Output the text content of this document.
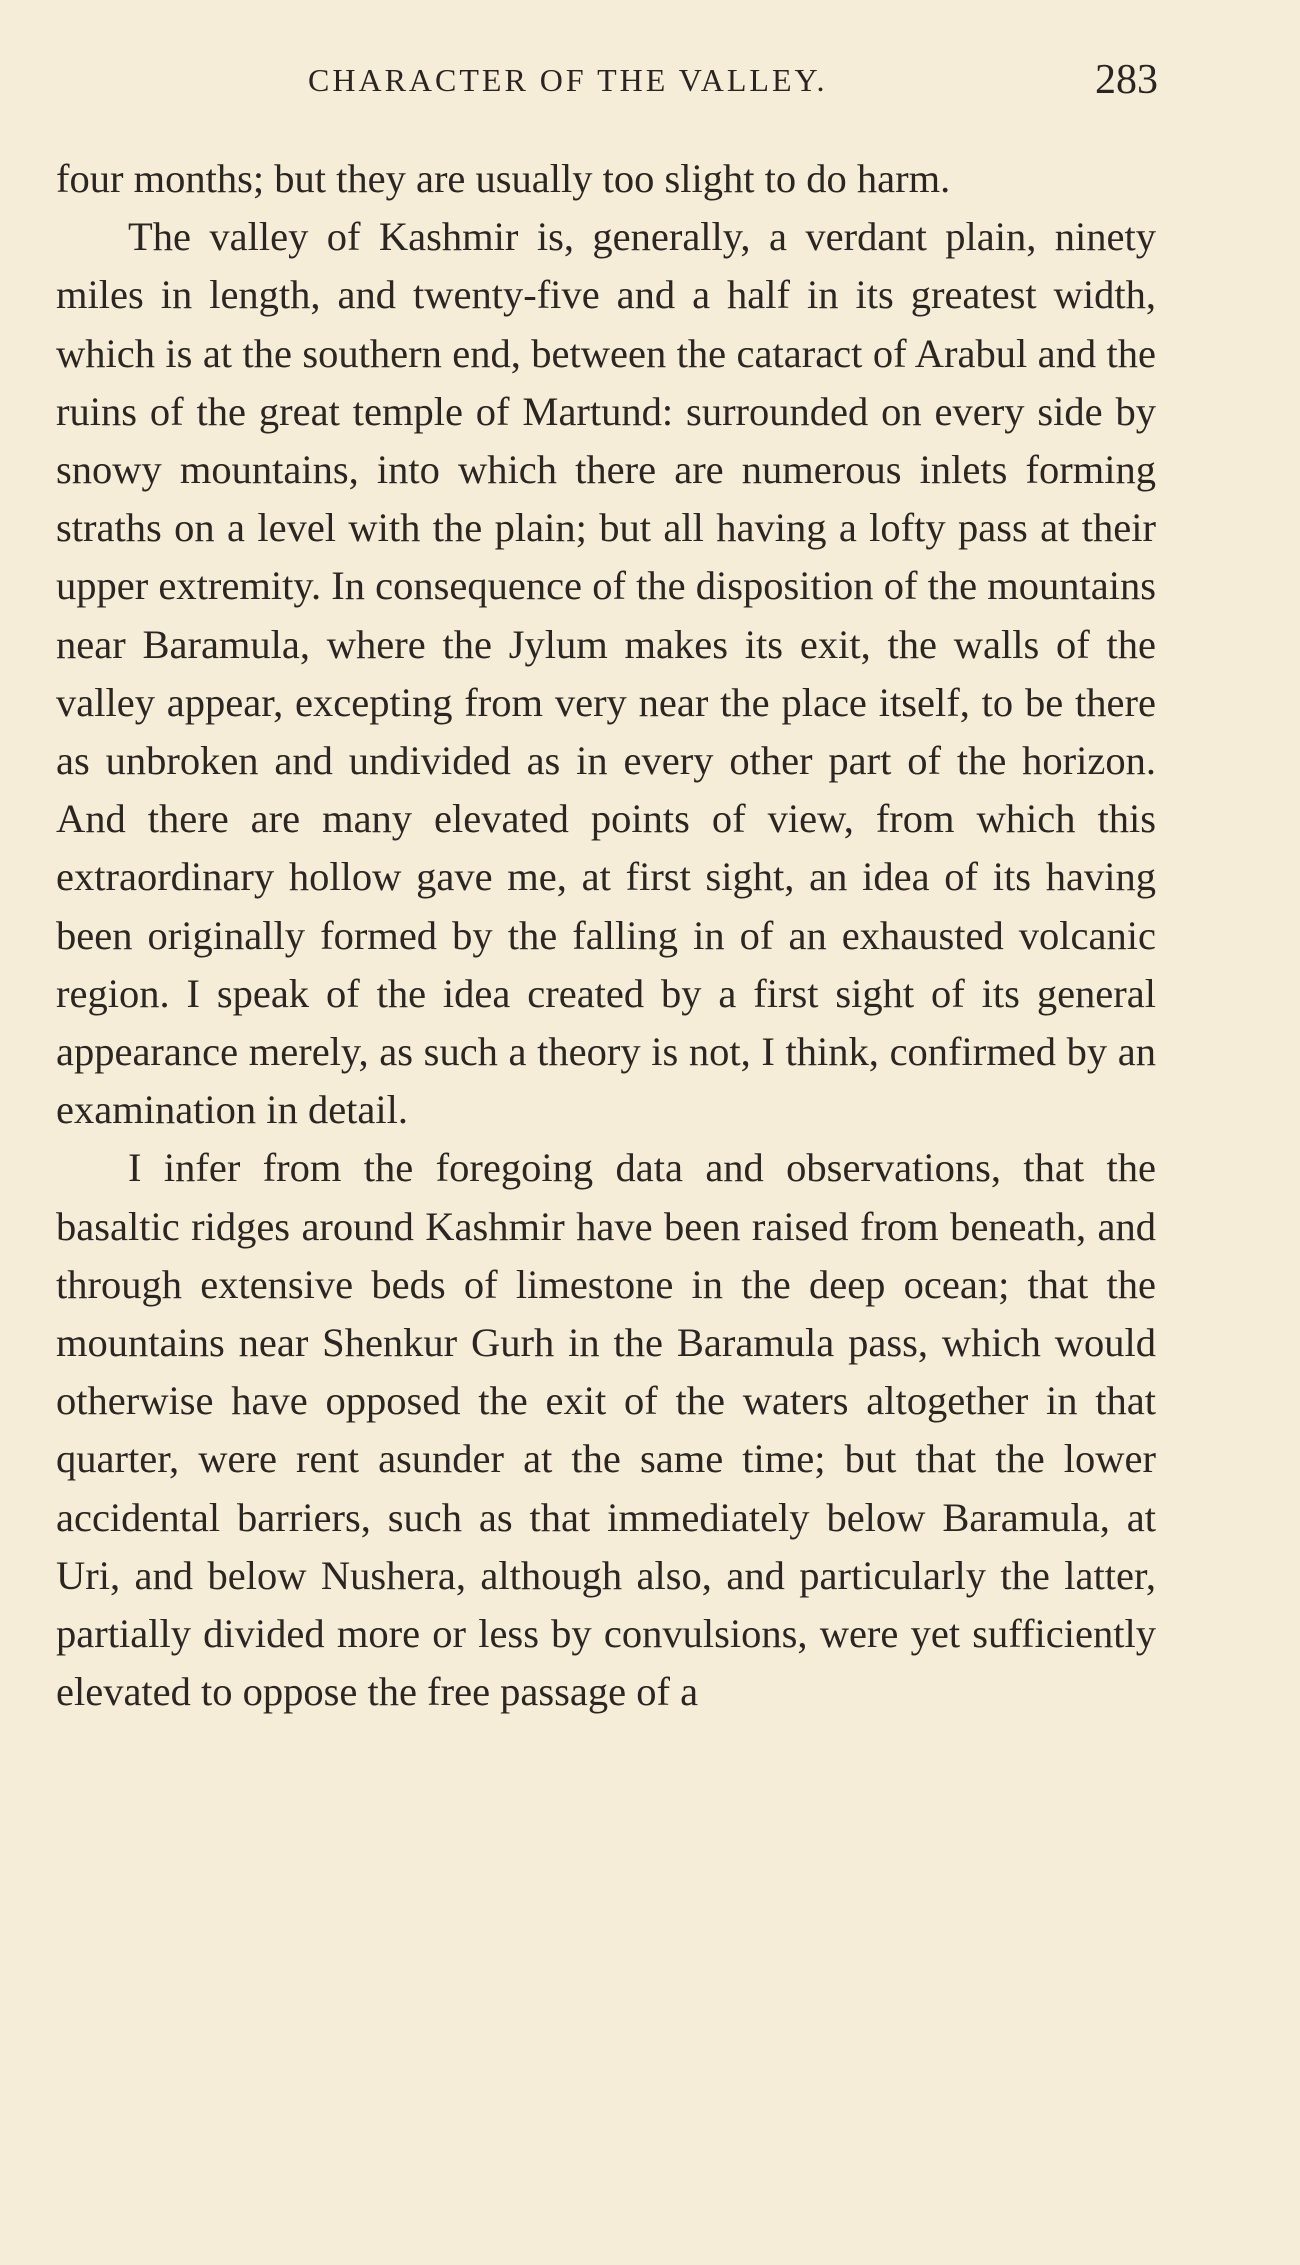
CHARACTER OF THE VALLEY.	283

four months; but they are usually too slight to do harm.

The valley of Kashmir is, generally, a verdant plain, ninety miles in length, and twenty-five and a half in its greatest width, which is at the southern end, between the cataract of Arabul and the ruins of the great temple of Martund: surrounded on every side by snowy mountains, into which there are numerous inlets forming straths on a level with the plain; but all having a lofty pass at their upper extremity. In consequence of the disposition of the mountains near Baramula, where the Jylum makes its exit, the walls of the valley appear, excepting from very near the place itself, to be there as unbroken and undivided as in every other part of the horizon. And there are many elevated points of view, from which this extraordinary hollow gave me, at first sight, an idea of its having been originally formed by the falling in of an exhausted volcanic region. I speak of the idea created by a first sight of its general appearance merely, as such a theory is not, I think, confirmed by an examination in detail.

I infer from the foregoing data and observations, that the basaltic ridges around Kashmir have been raised from beneath, and through extensive beds of limestone in the deep ocean; that the mountains near Shenkur Gurh in the Baramula pass, which would otherwise have opposed the exit of the waters altogether in that quarter, were rent asunder at the same time; but that the lower accidental barriers, such as that immediately below Baramula, at Uri, and below Nushera, although also, and particularly the latter, partially divided more or less by convulsions, were yet sufficiently elevated to oppose the free passage of a
